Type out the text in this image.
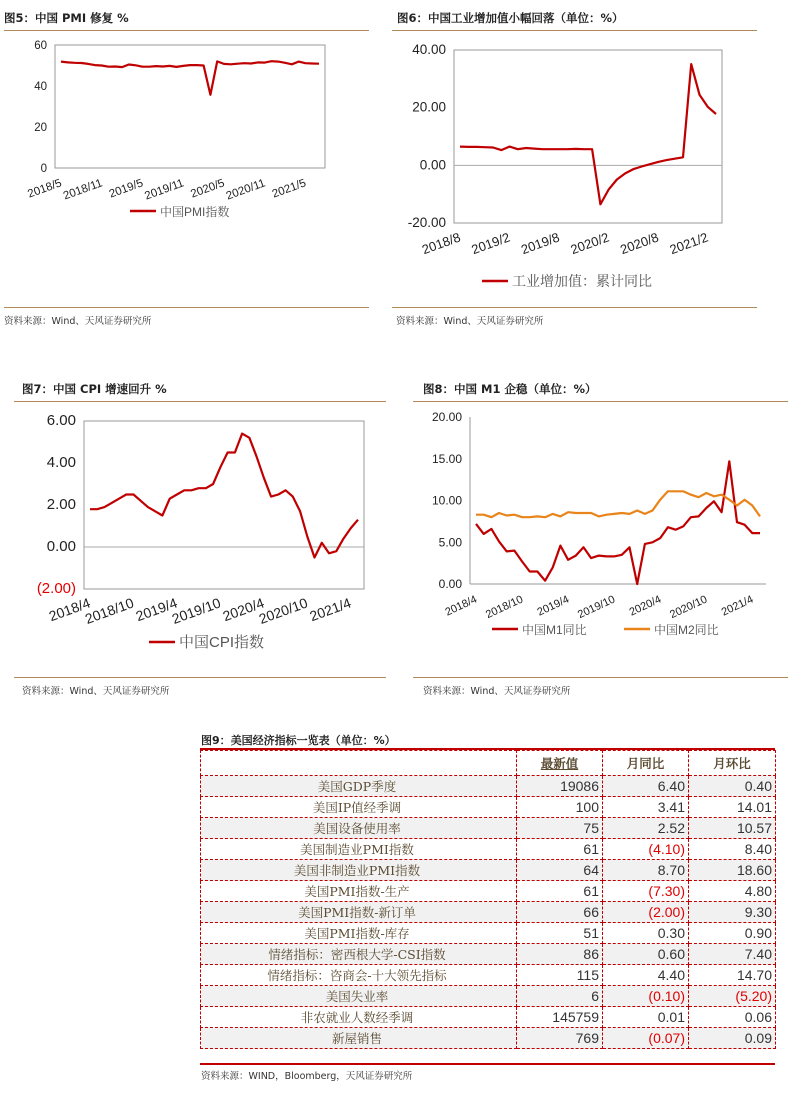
图5：中国 PMI 修复 %
0
20
40
60
2018/5
2018/11 2019/5
2019/11 2020/5
2020/11 2021/5
中国PMI指数
资料来源：Wind、天风证券研究所
图6：中国工业增加值小幅回落（单位：%）
-20.00
0.00
20.00
40.00
2018/8 2019/2 2019/8 2020/2 2020/8 2021/2
工业增加值：累计同比
资料来源：Wind、天风证券研究所
图7：中国 CPI 增速回升 %
(2.00)
0.00
2.00
4.00
6.00
2018/4
2018/10
2019/4
2019/10
2020/4
2020/10
2021/4
中国CPI指数
资料来源：Wind、天风证券研究所
图8：中国 M1 企稳（单位：%）
0.00
5.00
10.00
15.00
20.00
2018/4 2018/10 2019/4 2019/10 2020/4 2020/10 2021/4
中国M1同比	中国M2同比
资料来源：Wind、天风证券研究所
图9：美国经济指标一览表（单位：%）
	最新值	月同比	月环比
美国GDP季度	19086	6.40	0.40
美国IP值经季调	100	3.41	14.01
美国设备使用率	75	2.52	10.57
美国制造业PMI指数	61	(4.10)	8.40
美国非制造业PMI指数	64	8.70	18.60
美国PMI指数-生产	61	(7.30)	4.80
美国PMI指数-新订单	66	(2.00)	9.30
美国PMI指数-库存	51	0.30	0.90
情绪指标：密西根大学-CSI指数	86	0.60	7.40
情绪指标：咨商会-十大领先指标	115	4.40	14.70
美国失业率	6	(0.10)	(5.20)
非农就业人数经季调	145759	0.01	0.06
新屋销售	769	(0.07)	0.09
资料来源：WIND，Bloomberg，天风证券研究所
